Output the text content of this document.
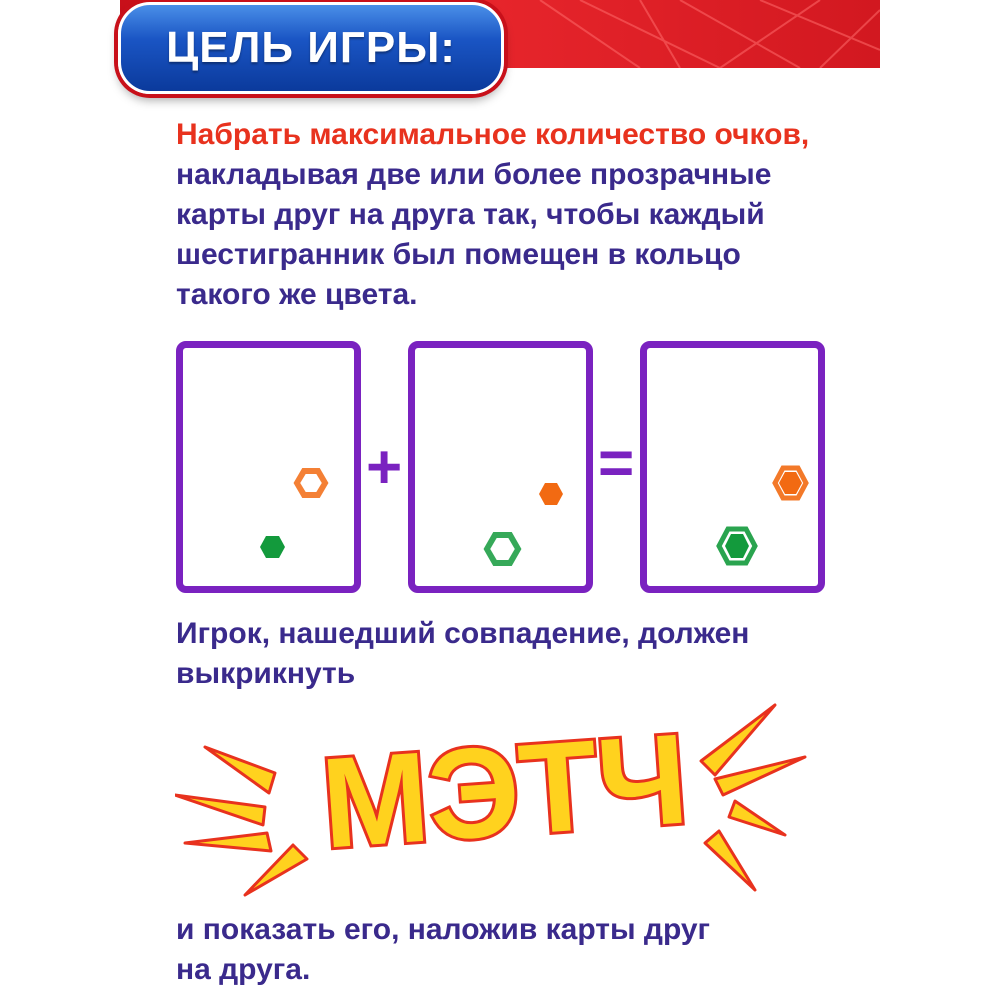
ЦЕЛЬ ИГРЫ:
Набрать максимальное количество очков,
накладывая две или более прозрачные
карты друг на друга так, чтобы каждый
шестигранник был помещен в кольцо
такого же цвета.
+	=
Игрок, нашедший совпадение, должен
выкрикнуть
МЭТЧ
и показать его, наложив карты друг
на друга.
